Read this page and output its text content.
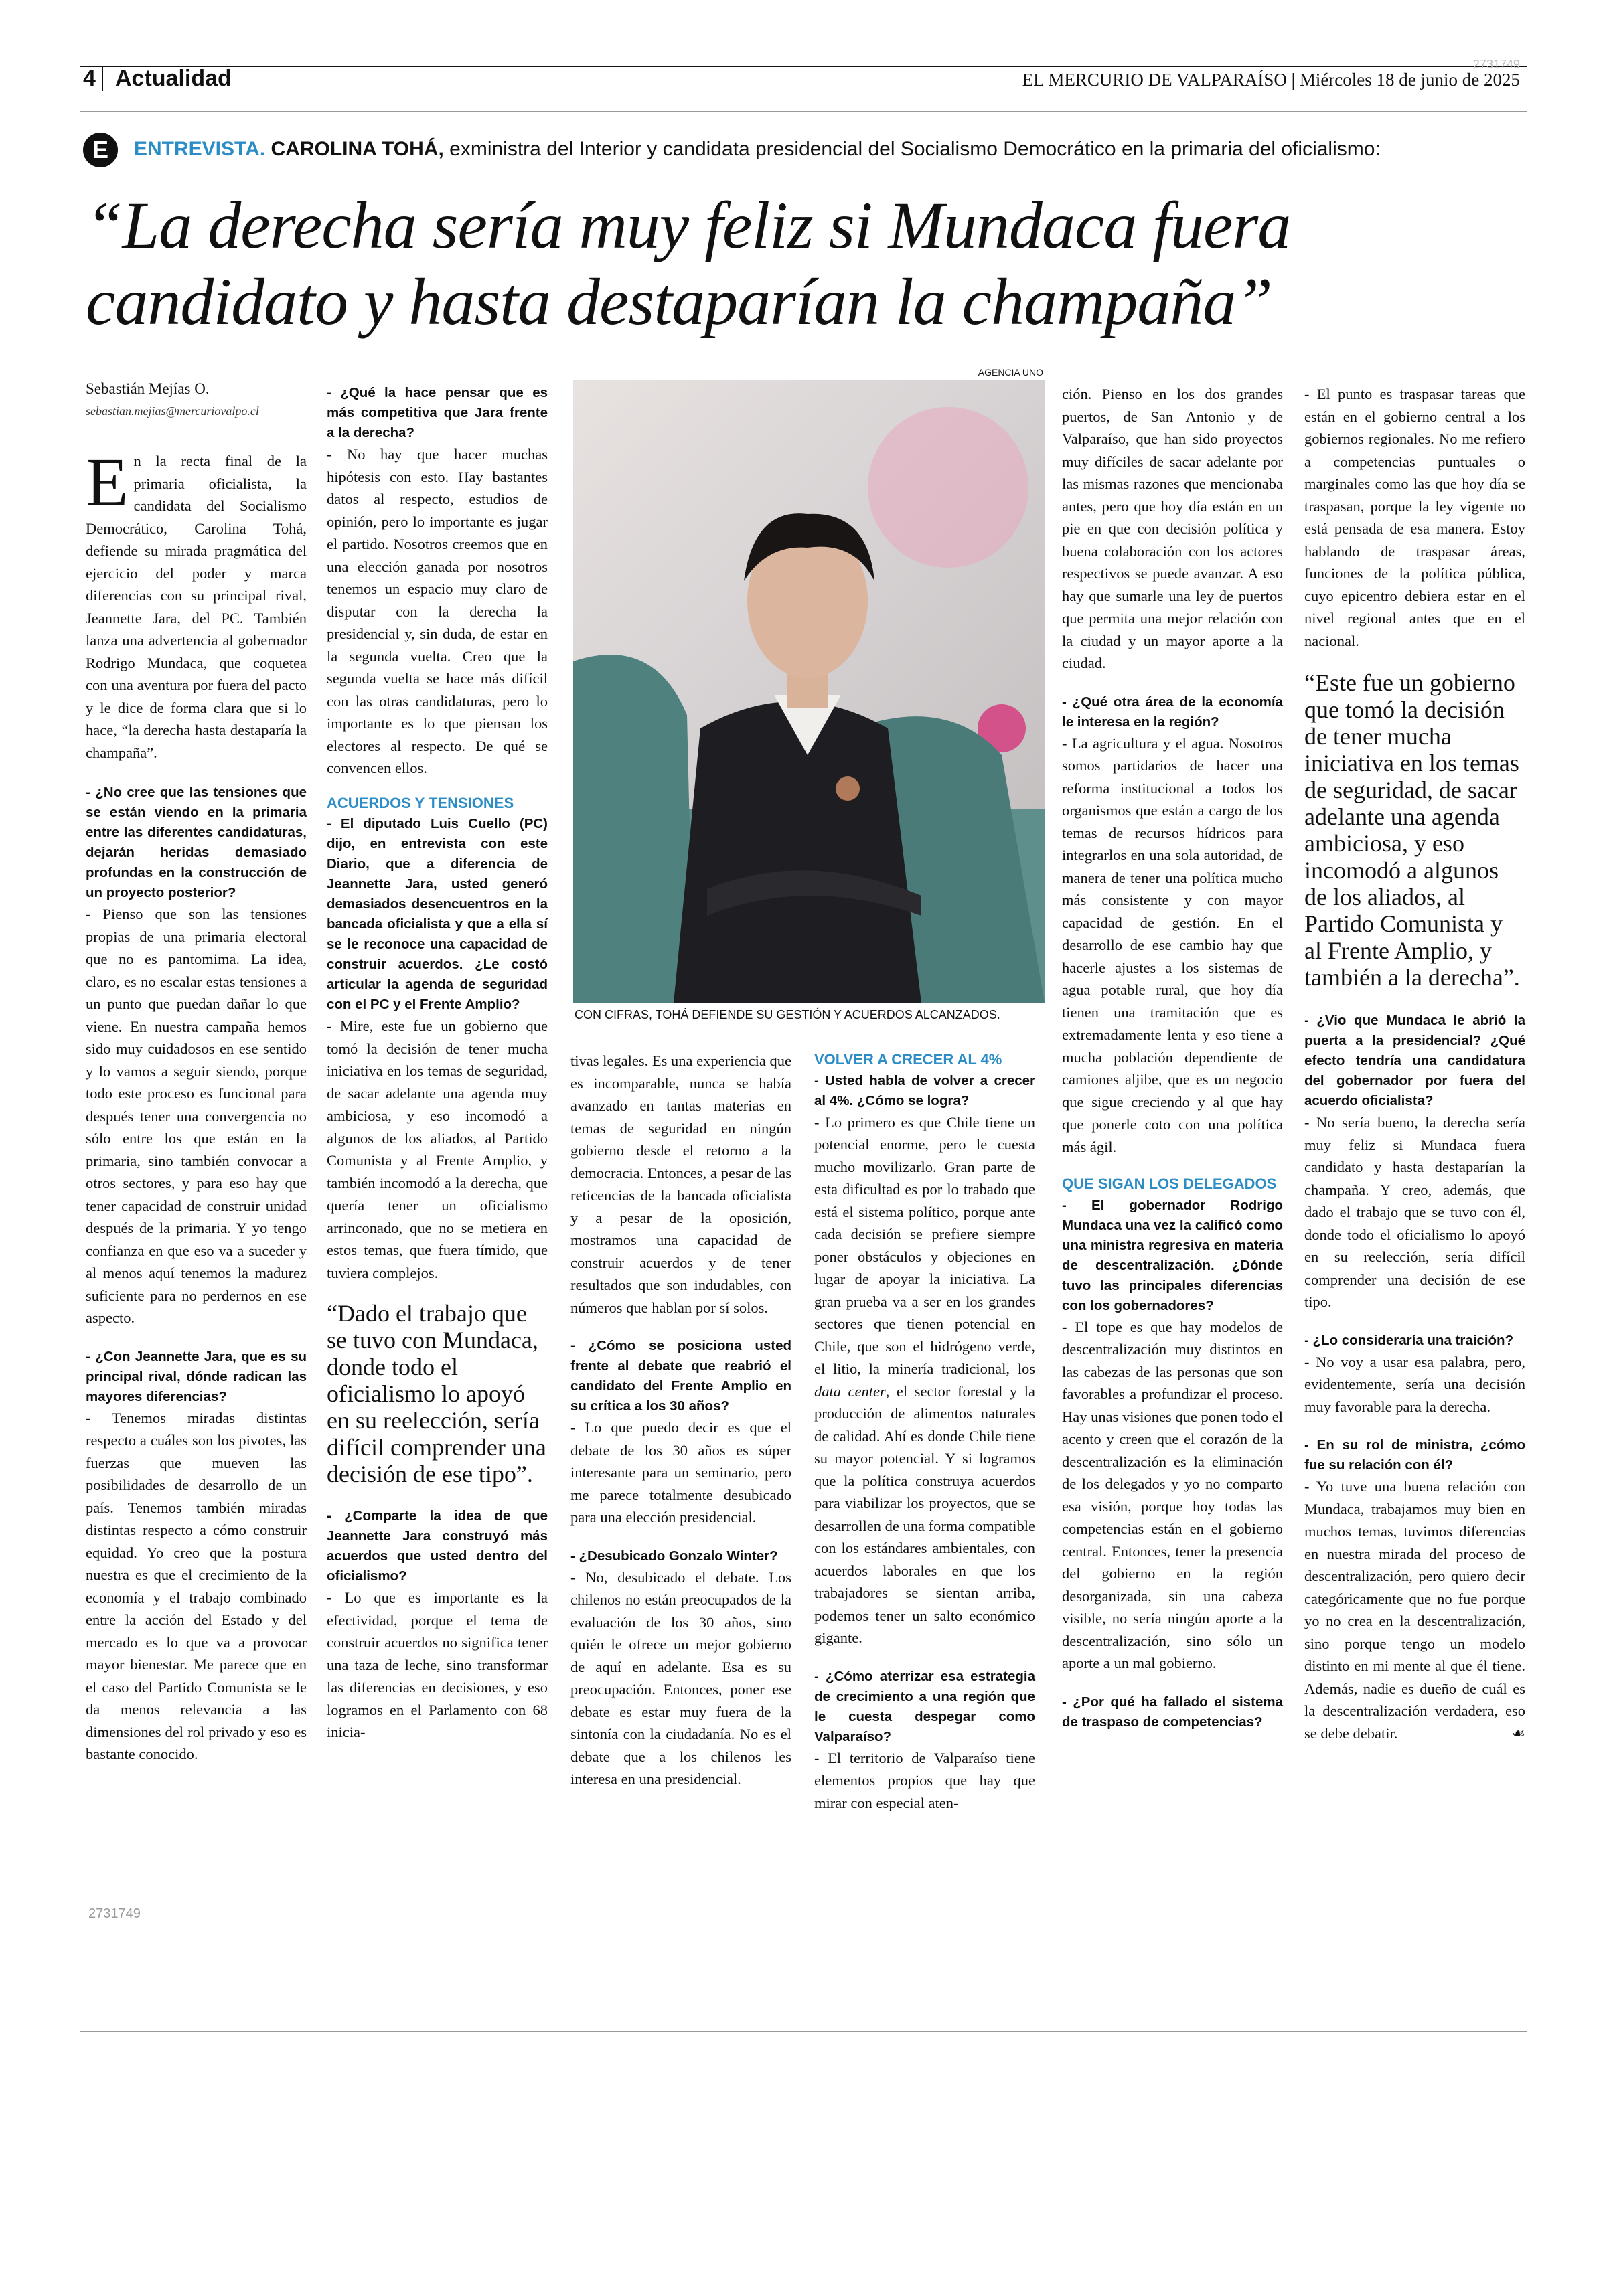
4 Actualidad
2731749
EL MERCURIO DE VALPARAÍSO | Miércoles 18 de junio de 2025
E	ENTREVISTA. CAROLINA TOHÁ, exministra del Interior y candidata presidencial del Socialismo Democrático en la primaria del oficialismo:
“La derecha sería muy feliz si Mundaca fuera candidato y hasta destaparían la champaña”
Sebastián Mejías O.
sebastian.mejias@mercuriovalpo.cl

En la recta final de la primaria oficialista, la candidata del Socialismo Democrático, Carolina Tohá, defiende su mirada pragmática del ejercicio del poder y marca diferencias con su principal rival, Jeannette Jara, del PC. También lanza una advertencia al gobernador Rodrigo Mundaca, que coquetea con una aventura por fuera del pacto y le dice de forma clara que si lo hace, “la derecha hasta destaparía la champaña”.

- ¿No cree que las tensiones que se están viendo en la primaria entre las diferentes candidaturas, dejarán heridas demasiado profundas en la construcción de un proyecto posterior?

- Pienso que son las tensiones propias de una primaria electoral que no es pantomima. La idea, claro, es no escalar estas tensiones a un punto que puedan dañar lo que viene. En nuestra campaña hemos sido muy cuidadosos en ese sentido y lo vamos a seguir siendo, porque todo este proceso es funcional para después tener una convergencia no sólo entre los que están en la primaria, sino también convocar a otros sectores, y para eso hay que tener capacidad de construir unidad después de la primaria. Y yo tengo confianza en que eso va a suceder y al menos aquí tenemos la madurez suficiente para no perdernos en ese aspecto.

- ¿Con Jeannette Jara, que es su principal rival, dónde radican las mayores diferencias?

- Tenemos miradas distintas respecto a cuáles son los pivotes, las fuerzas que mueven las posibilidades de desarrollo de un país. Tenemos también miradas distintas respecto a cómo construir equidad. Yo creo que la postura nuestra es que el crecimiento de la economía y el trabajo combinado entre la acción del Estado y del mercado es lo que va a provocar mayor bienestar. Me parece que en el caso del Partido Comunista se le da menos relevancia a las dimensiones del rol privado y eso es bastante conocido.

- ¿Qué la hace pensar que es más competitiva que Jara frente a la derecha?

- No hay que hacer muchas hipótesis con esto. Hay bastantes datos al respecto, estudios de opinión, pero lo importante es jugar el partido. Nosotros creemos que en una elección ganada por nosotros tenemos un espacio muy claro de disputar con la derecha la presidencial y, sin duda, de estar en la segunda vuelta. Creo que la segunda vuelta se hace más difícil con las otras candidaturas, pero lo importante es lo que piensan los electores al respecto. De qué se convencen ellos.

ACUERDOS Y TENSIONES

- El diputado Luis Cuello (PC) dijo, en entrevista con este Diario, que a diferencia de Jeannette Jara, usted generó demasiados desencuentros en la bancada oficialista y que a ella sí se le reconoce una capacidad de construir acuerdos. ¿Le costó articular la agenda de seguridad con el PC y el Frente Amplio?

- Mire, este fue un gobierno que tomó la decisión de tener mucha iniciativa en los temas de seguridad, de sacar adelante una agenda muy ambiciosa, y eso incomodó a algunos de los aliados, al Partido Comunista y al Frente Amplio, y también incomodó a la derecha, que quería tener un oficialismo arrinconado, que no se metiera en estos temas, que fuera tímido, que tuviera complejos.

“Dado el trabajo que se tuvo con Mundaca, donde todo el oficialismo lo apoyó en su reelección, sería difícil comprender una decisión de ese tipo”.

- ¿Comparte la idea de que Jeannette Jara construyó más acuerdos que usted dentro del oficialismo?

- Lo que es importante es la efectividad, porque el tema de construir acuerdos no significa tener una taza de leche, sino transformar las diferencias en decisiones, y eso logramos en el Parlamento con 68 inicia-

AGENCIA UNO
CON CIFRAS, TOHÁ DEFIENDE SU GESTIÓN Y ACUERDOS ALCANZADOS.

tivas legales. Es una experiencia que es incomparable, nunca se había avanzado en tantas materias en temas de seguridad en ningún gobierno desde el retorno a la democracia. Entonces, a pesar de las reticencias de la bancada oficialista y a pesar de la oposición, mostramos una capacidad de construir acuerdos y de tener resultados que son indudables, con números que hablan por sí solos.

- ¿Cómo se posiciona usted frente al debate que reabrió el candidato del Frente Amplio en su crítica a los 30 años?

- Lo que puedo decir es que el debate de los 30 años es súper interesante para un seminario, pero me parece totalmente desubicado para una elección presidencial.

- ¿Desubicado Gonzalo Winter?

- No, desubicado el debate. Los chilenos no están preocupados de la evaluación de los 30 años, sino quién le ofrece un mejor gobierno de aquí en adelante. Esa es su preocupación. Entonces, poner ese debate es estar muy fuera de la sintonía con la ciudadanía. No es el debate que a los chilenos les interesa en una presidencial.

VOLVER A CRECER AL 4%

- Usted habla de volver a crecer al 4%. ¿Cómo se logra?

- Lo primero es que Chile tiene un potencial enorme, pero le cuesta mucho movilizarlo. Gran parte de esta dificultad es por lo trabado que está el sistema político, porque ante cada decisión se prefiere siempre poner obstáculos y objeciones en lugar de apoyar la iniciativa. La gran prueba va a ser en los grandes sectores que tienen potencial en Chile, que son el hidrógeno verde, el litio, la minería tradicional, los data center, el sector forestal y la producción de alimentos naturales de calidad. Ahí es donde Chile tiene su mayor potencial. Y si logramos que la política construya acuerdos para viabilizar los proyectos, que se desarrollen de una forma compatible con los estándares ambientales, con acuerdos laborales en que los trabajadores se sientan arriba, podemos tener un salto económico gigante.

- ¿Cómo aterrizar esa estrategia de crecimiento a una región que le cuesta despegar como Valparaíso?

- El territorio de Valparaíso tiene elementos propios que hay que mirar con especial aten-

ción. Pienso en los dos grandes puertos, de San Antonio y de Valparaíso, que han sido proyectos muy difíciles de sacar adelante por las mismas razones que mencionaba antes, pero que hoy día están en un pie en que con decisión política y buena colaboración con los actores respectivos se puede avanzar. A eso hay que sumarle una ley de puertos que permita una mejor relación con la ciudad y un mayor aporte a la ciudad.

- ¿Qué otra área de la economía le interesa en la región?

- La agricultura y el agua. Nosotros somos partidarios de hacer una reforma institucional a todos los organismos que están a cargo de los temas de recursos hídricos para integrarlos en una sola autoridad, de manera de tener una política mucho más consistente y con mayor capacidad de gestión. En el desarrollo de ese cambio hay que hacerle ajustes a los sistemas de agua potable rural, que hoy día tienen una tramitación que es extremadamente lenta y eso tiene a mucha población dependiente de camiones aljibe, que es un negocio que sigue creciendo y al que hay que ponerle coto con una política más ágil.

QUE SIGAN LOS DELEGADOS

- El gobernador Rodrigo Mundaca una vez la calificó como una ministra regresiva en materia de descentralización. ¿Dónde tuvo las principales diferencias con los gobernadores?

- El tope es que hay modelos de descentralización muy distintos en las cabezas de las personas que son favorables a profundizar el proceso. Hay unas visiones que ponen todo el acento y creen que el corazón de la descentralización es la eliminación de los delegados y yo no comparto esa visión, porque hoy todas las competencias están en el gobierno central. Entonces, tener la presencia del gobierno en la región desorganizada, sin una cabeza visible, no sería ningún aporte a la descentralización, sino sólo un aporte a un mal gobierno.

- ¿Por qué ha fallado el sistema de traspaso de competencias?

- El punto es traspasar tareas que están en el gobierno central a los gobiernos regionales. No me refiero a competencias puntuales o marginales como las que hoy día se traspasan, porque la ley vigente no está pensada de esa manera. Estoy hablando de traspasar áreas, funciones de la política pública, cuyo epicentro debiera estar en el nivel regional antes que en el nacional.

“Este fue un gobierno que tomó la decisión de tener mucha iniciativa en los temas de seguridad, de sacar adelante una agenda ambiciosa, y eso incomodó a algunos de los aliados, al Partido Comunista y al Frente Amplio, y también a la derecha”.

- ¿Vio que Mundaca le abrió la puerta a la presidencial? ¿Qué efecto tendría una candidatura del gobernador por fuera del acuerdo oficialista?

- No sería bueno, la derecha sería muy feliz si Mundaca fuera candidato y hasta destaparían la champaña. Y creo, además, que dado el trabajo que se tuvo con él, donde todo el oficialismo lo apoyó en su reelección, sería difícil comprender una decisión de ese tipo.

- ¿Lo consideraría una traición?

- No voy a usar esa palabra, pero, evidentemente, sería una decisión muy favorable para la derecha.

- En su rol de ministra, ¿cómo fue su relación con él?

- Yo tuve una buena relación con Mundaca, trabajamos muy bien en muchos temas, tuvimos diferencias en nuestra mirada del proceso de descentralización, pero quiero decir categóricamente que no fue porque yo no crea en la descentralización, sino porque tengo un modelo distinto en mi mente al que él tiene. Además, nadie es dueño de cuál es la descentralización verdadera, eso se debe debatir.	☙

2731749
